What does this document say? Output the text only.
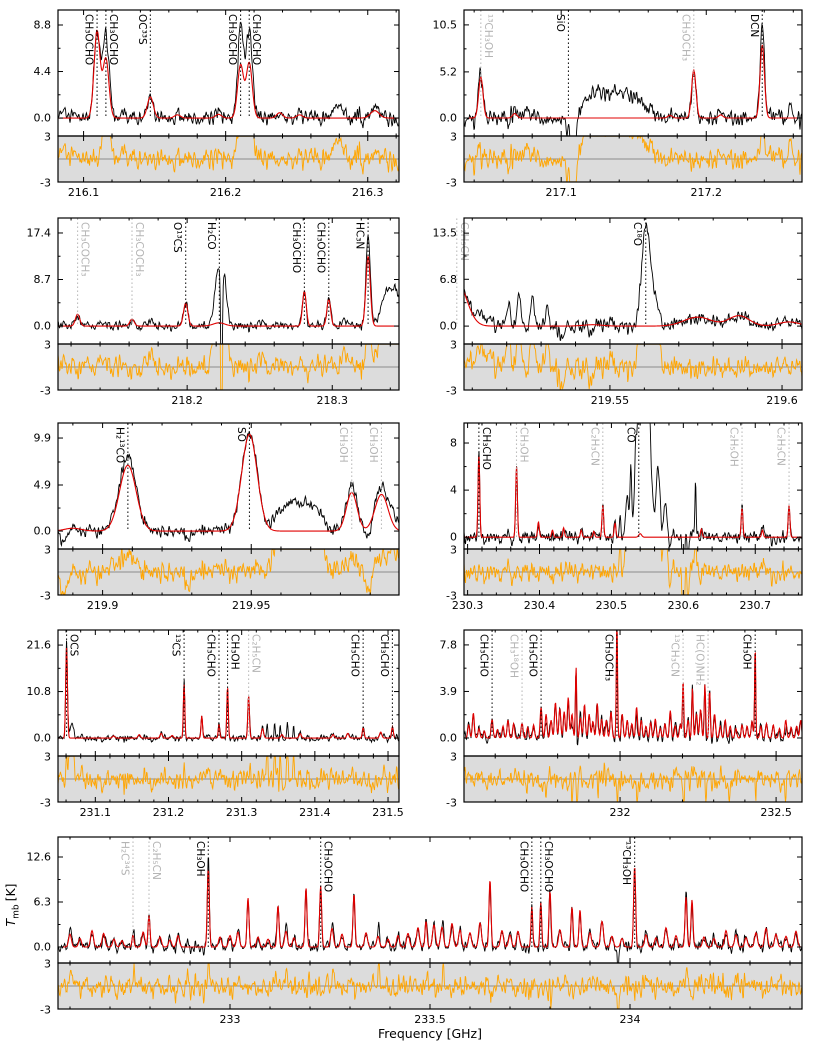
Frequency [GHz]
$T_{mb}[K]$
CH₃OCHO CH₃OCHO OC³³S	CH₃OCHO CH₃OCHO
0.0
4.4
8.8
3
-3
216.1	216.2	216.3
¹³CH₃OH	SiO	CH₃OCH₃	DCN
0.0
5.2
10.5
3
-3
217.1	217.2
CH₃COCH₃	CH₃COCH₃ O¹³CS H₂CO	CH₃OCHO CH₃OCHO	HC₃N
0.0
8.7
17.4
3
-3
218.2	218.3
C₂H₅CN	C¹⁸O
0.0
6.8
13.5
3
-3
219.55	219.6
H₂¹³CO	SO	CH₃OH CH₃OH
0.0
4.9
9.9
3
-3
219.9	219.95
CH₃CHO CH₃OH	C₂H₃CN CO	C₂H₅OH	C₂H₃CN
0
4
8
3
-3
230.3	230.4	230.5	230.6	230.7
OCS	¹³CS CH₃CHO CH₃OH C₂H₅CN	CH₃CHO CH₃CHO
0.0
10.8
21.6
3
-3
231.1	231.2	231.3	231.4	231.5
CH₃CHO CH₃¹⁸OH CH₃CHO	CH₃OCH₃	¹³CH₃CN HC(O)NH₂	CH₃OH
0.0
3.9
7.8
3
-3
232	232.5
H₂C³⁴S C₂H₅CN	CH₃OH	CH₃OCHO	CH₃OCHO CH₃OCHO	¹³CH₃OH
0.0
6.3
12.6
3
-3
233	233.5	234
